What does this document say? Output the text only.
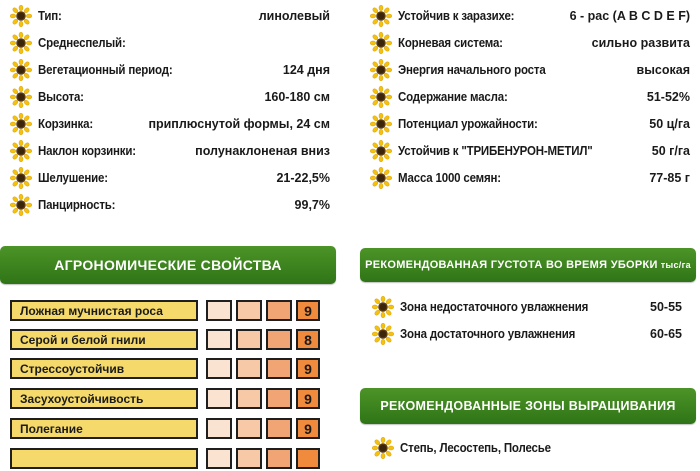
Тип:	линолевый
Среднеспелый:
Вегетационный период:	124 дня
Высота:	160-180 см
Корзинка:	приплюснутой формы, 24 см
Наклон корзинки:	полунаклоненая вниз
Шелушение:	21-22,5%
Панцирность:	99,7%
Устойчив к заразихе:	6 - рас (A B C D E F)
Корневая система:	сильно развита
Энергия начального роста	высокая
Содержание масла:	51-52%
Потенциал урожайности:	50 ц/га
Устойчив к "ТРИБЕНУРОН-МЕТИЛ"	50 г/га
Масса 1000 семян:	77-85 г
АГРОНОМИЧЕСКИЕ СВОЙСТВА
Ложная мучнистая роса	9
Серой и белой гнили	8
Стрессоустойчив	9
Засухоустойчивость	9
Полегание	9
РЕКОМЕНДОВАННАЯ ГУСТОТА ВО ВРЕМЯ УБОРКИ тыс/га
Зона недостаточного увлажнения	50-55
Зона достаточного увлажнения	60-65
РЕКОМЕНДОВАННЫЕ ЗОНЫ ВЫРАЩИВАНИЯ
Степь, Лесостепь, Полесье
